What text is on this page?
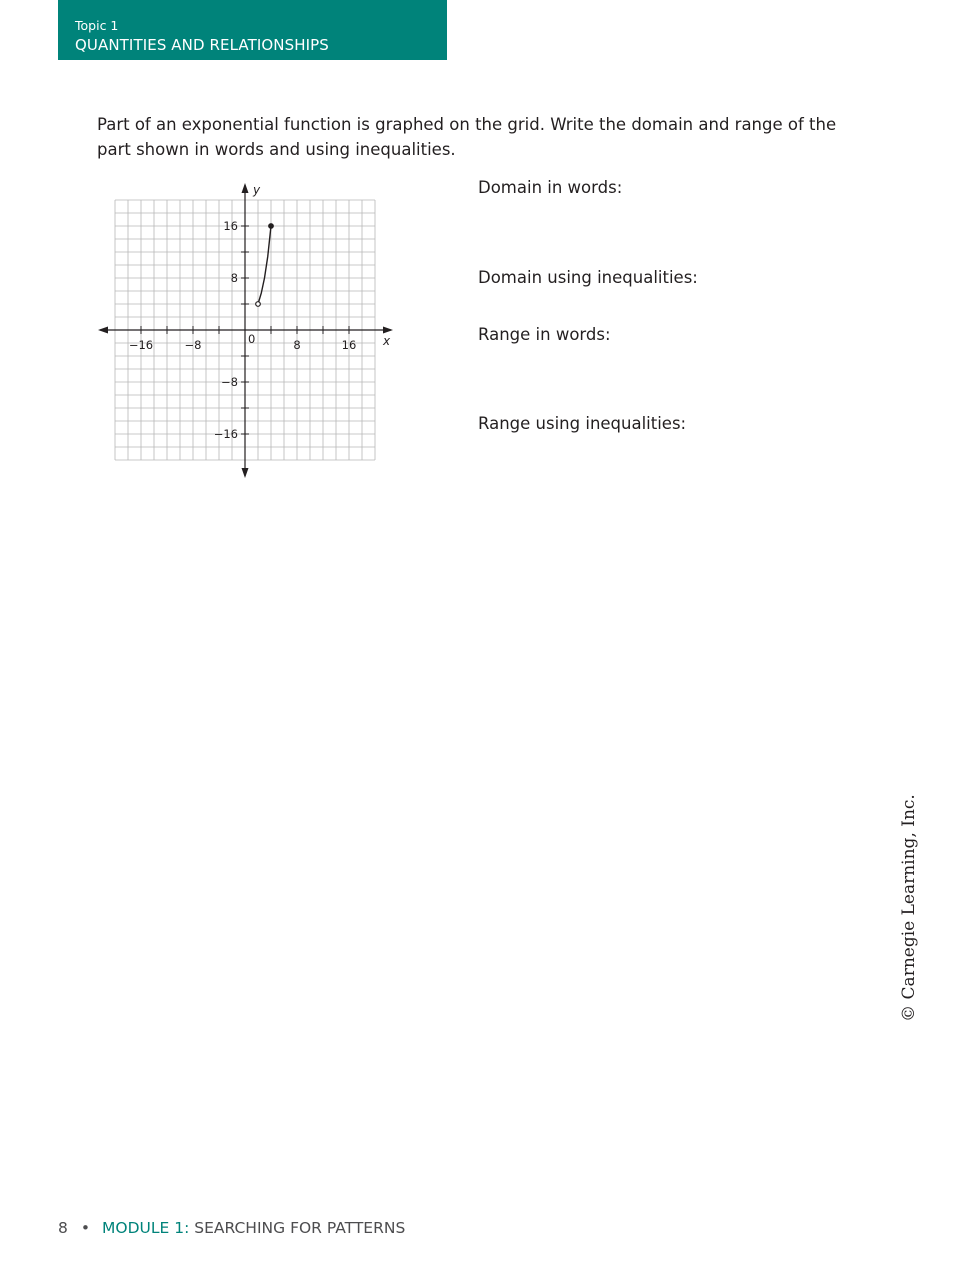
Topic 1
QUANTITIES AND RELATIONSHIPS
Part of an exponential function is graphed on the grid. Write the domain and range of the
part shown in words and using inequalities.
x
y
0
−16	−8	8	16
−16
−8
8
16
Domain in words:
Domain using inequalities:
Range in words:
Range using inequalities:
© Carnegie Learning, Inc.
8 • MODULE 1: SEARCHING FOR PATTERNS
